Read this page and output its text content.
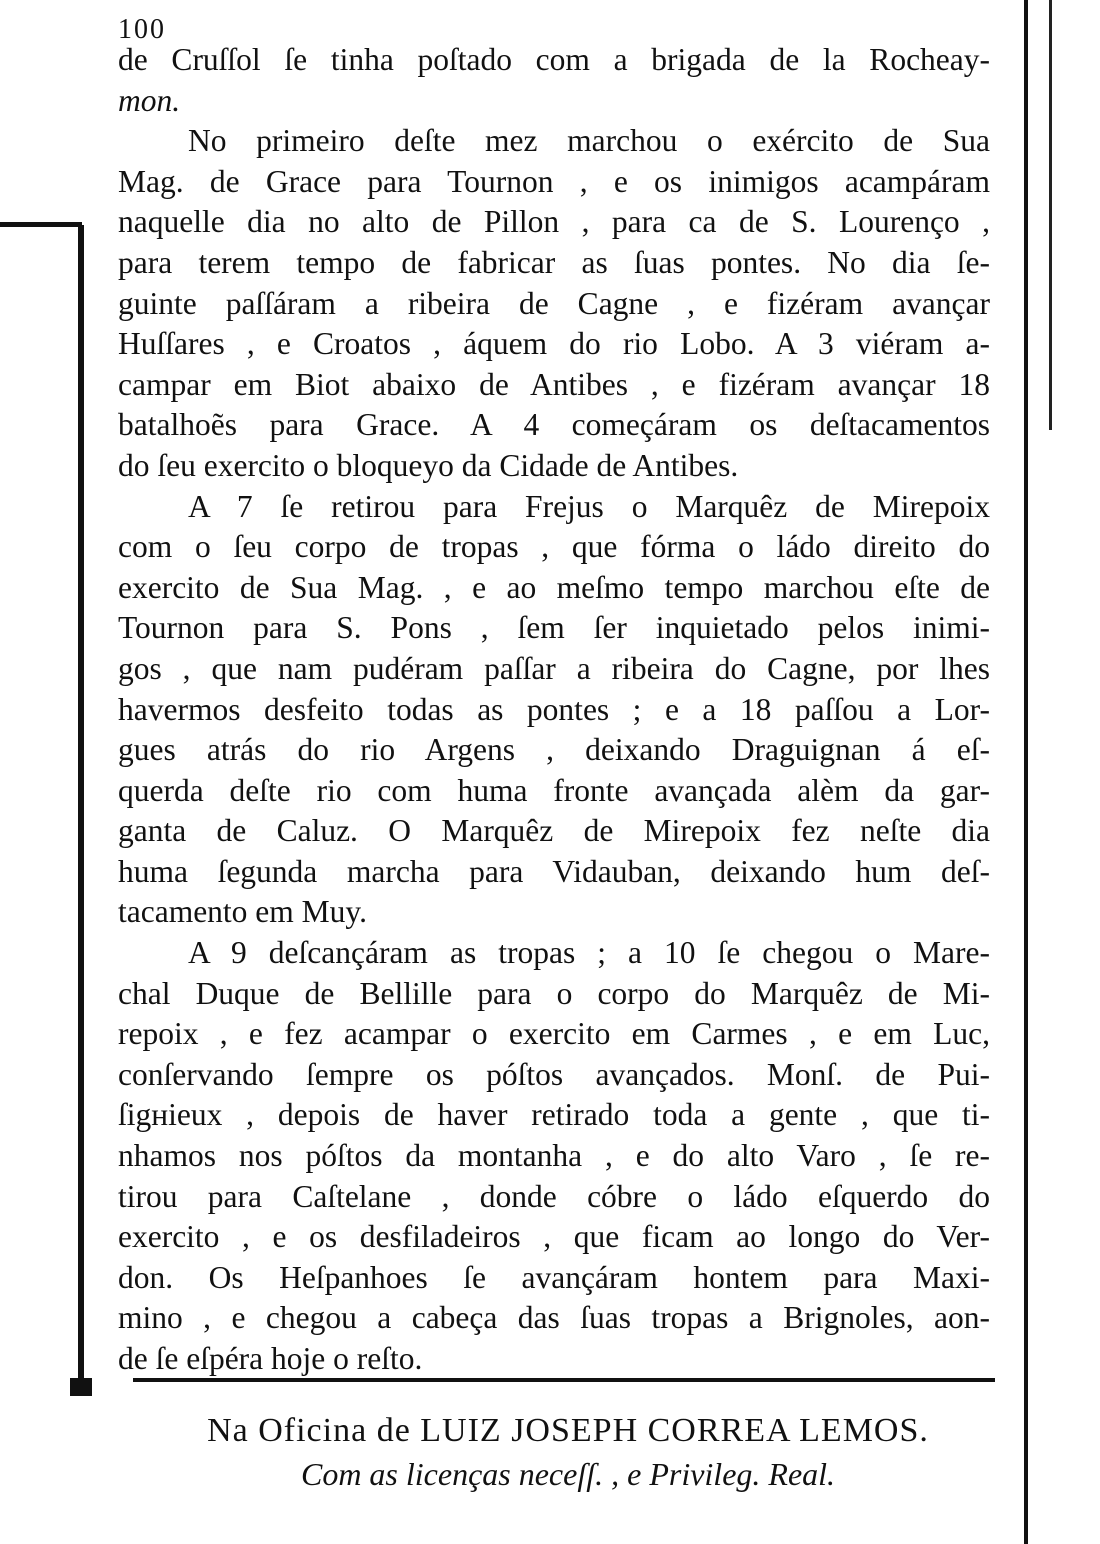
100
de Cruſſol ſe tinha poſtado com a brigada de la Rocheay-
mon.
No primeiro deſte mez marchou o exército de Sua
Mag. de Grace para Tournon , e os inimigos acampáram
naquelle dia no alto de Pillon , para ca de S. Lourenço ,
para terem tempo de fabricar as ſuas pontes. No dia ſe-
guinte paſſáram a ribeira de Cagne , e fizéram avançar
Huſſares , e Croatos , áquem do rio Lobo. A 3 viéram a-
campar em Biot abaixo de Antibes , e fizéram avançar 18
batalhoẽs para Grace. A 4 começáram os deſtacamentos
do ſeu exercito o bloqueyo da Cidade de Antibes.
A 7 ſe retirou para Frejus o Marquêz de Mirepoix
com o ſeu corpo de tropas , que fórma o ládo direito do
exercito de Sua Mag. , e ao meſmo tempo marchou eſte de
Tournon para S. Pons , ſem ſer inquietado pelos inimi-
gos , que nam pudéram paſſar a ribeira do Cagne, por lhes
havermos desfeito todas as pontes ; e a 18 paſſou a Lor-
gues atrás do rio Argens , deixando Draguignan á eſ-
querda deſte rio com huma fronte avançada alèm da gar-
ganta de Caluz. O Marquêz de Mirepoix fez neſte dia
huma ſegunda marcha para Vidauban, deixando hum deſ-
tacamento em Muy.
A 9 deſcançáram as tropas ; a 10 ſe chegou o Mare-
chal Duque de Bellille para o corpo do Marquêz de Mi-
repoix , e fez acampar o exercito em Carmes , e em Luc,
conſervando ſempre os póſtos avançados. Monſ. de Pui-
ſigнieux , depois de haver retirado toda a gente , que ti-
nhamos nos póſtos da montanha , e do alto Varo , ſe re-
tirou para Caſtelane , donde cóbre o ládo eſquerdo do
exercito , e os desfiladeiros , que ficam ao longo do Ver-
don. Os Heſpanhoes ſe avançáram hontem para Maxi-
mino , e chegou a cabeça das ſuas tropas a Brignoles, aon-
de ſe eſpéra hoje o reſto.
Na Oficina de LUIZ JOSEPH CORREA LEMOS.
Com as licenças neceſſ. , e Privileg. Real.
